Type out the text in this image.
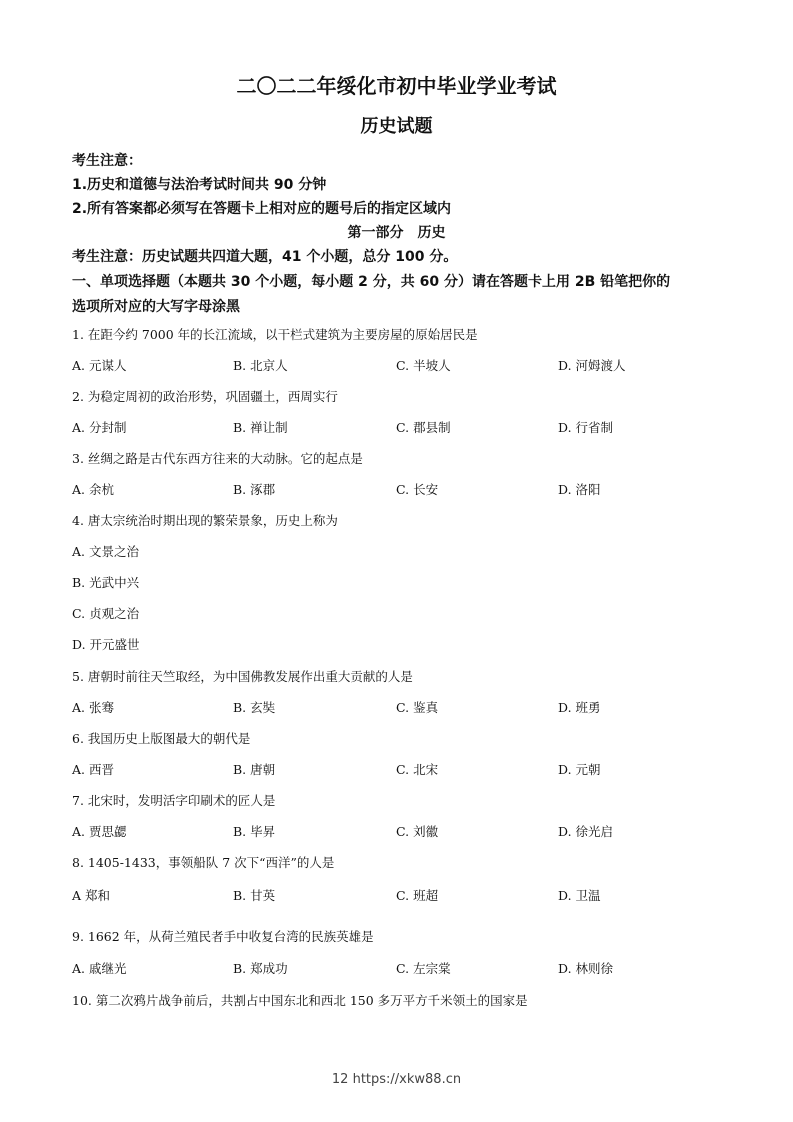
二〇二二年绥化市初中毕业学业考试
历史试题
考生注意：
1.历史和道德与法治考试时间共 90 分钟
2.所有答案都必须写在答题卡上相对应的题号后的指定区域内
第一部分　历史
考生注意：历史试题共四道大题，41 个小题，总分 100 分。
一、单项选择题（本题共 30 个小题，每小题 2 分，共 60 分）请在答题卡上用 2B 铅笔把你的
选项所对应的大写字母涂黑
1. 在距今约 7000 年的长江流域，以干栏式建筑为主要房屋的原始居民是
A. 元谋人	B. 北京人	C. 半坡人	D. 河姆渡人
2. 为稳定周初的政治形势，巩固疆土，西周实行
A. 分封制	B. 禅让制	C. 郡县制	D. 行省制
3. 丝绸之路是古代东西方往来的大动脉。它的起点是
A. 余杭	B. 涿郡	C. 长安	D. 洛阳
4. 唐太宗统治时期出现的繁荣景象，历史上称为
A. 文景之治
B. 光武中兴
C. 贞观之治
D. 开元盛世
5. 唐朝时前往天竺取经，为中国佛教发展作出重大贡献的人是
A. 张骞	B. 玄奘	C. 鉴真	D. 班勇
6. 我国历史上版图最大的朝代是
A. 西晋	B. 唐朝	C. 北宋	D. 元朝
7. 北宋时，发明活字印刷术的匠人是
A. 贾思勰	B. 毕昇	C. 刘徽	D. 徐光启
8. 1405-1433，事领船队 7 次下“西洋”的人是
A 郑和	B. 甘英	C. 班超	D. 卫温
9. 1662 年，从荷兰殖民者手中收复台湾的民族英雄是
A. 戚继光	B. 郑成功	C. 左宗棠	D. 林则徐
10. 第二次鸦片战争前后，共割占中国东北和西北 150 多万平方千米领土的国家是
12 https://xkw88.cn
